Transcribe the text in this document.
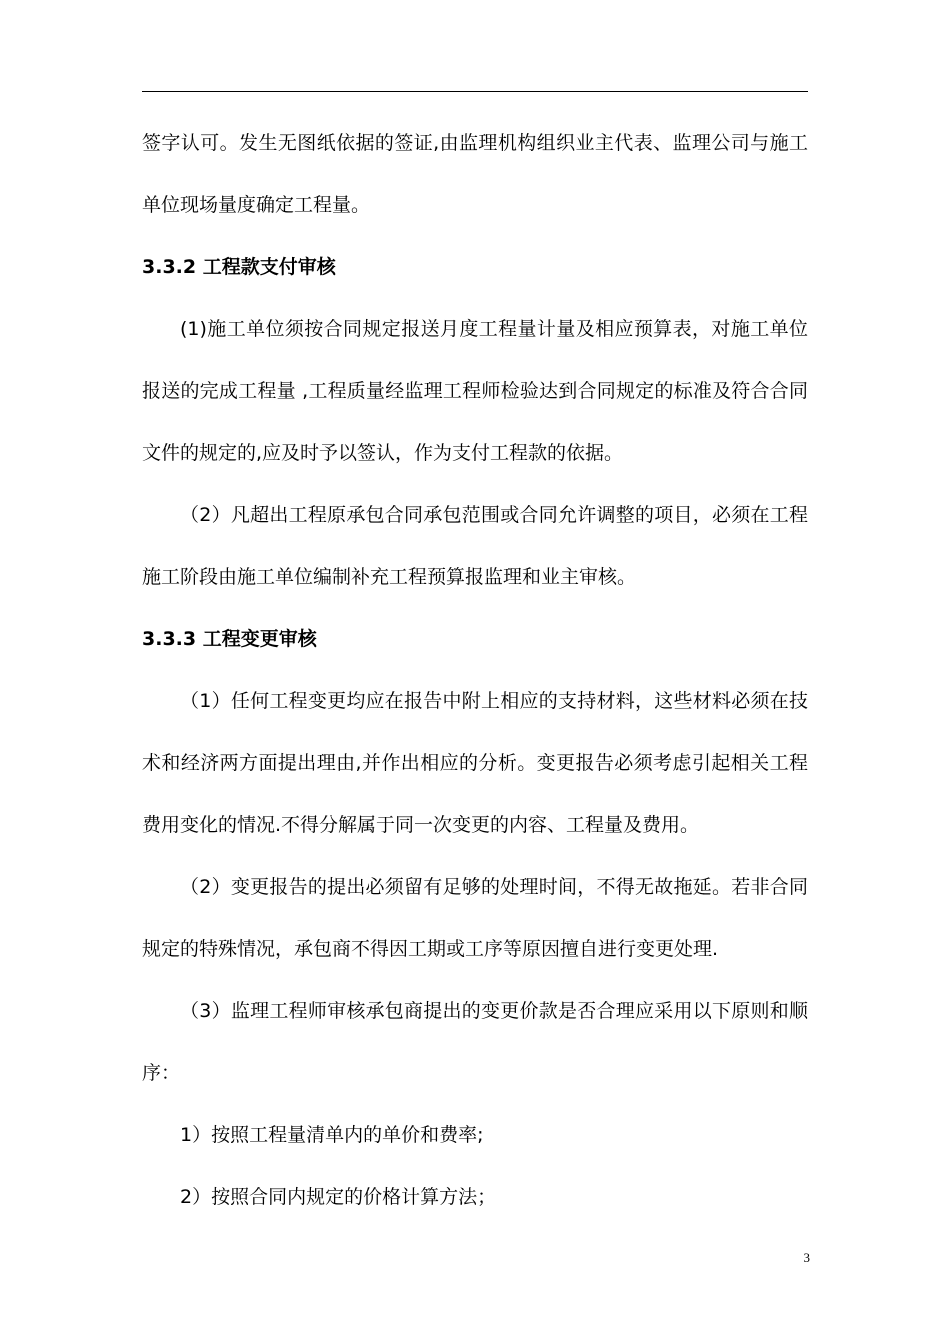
签字认可。发生无图纸依据的签证,由监理机构组织业主代表、监理公司与施工
单位现场量度确定工程量。
3.3.2 工程款支付审核
(1)施工单位须按合同规定报送月度工程量计量及相应预算表，对施工单位
报送的完成工程量 ,工程质量经监理工程师检验达到合同规定的标准及符合合同
文件的规定的,应及时予以签认，作为支付工程款的依据。
（2）凡超出工程原承包合同承包范围或合同允许调整的项目，必须在工程
施工阶段由施工单位编制补充工程预算报监理和业主审核。
3.3.3 工程变更审核
（1）任何工程变更均应在报告中附上相应的支持材料，这些材料必须在技
术和经济两方面提出理由,并作出相应的分析。变更报告必须考虑引起相关工程
费用变化的情况.不得分解属于同一次变更的内容、工程量及费用。
（2）变更报告的提出必须留有足够的处理时间，不得无故拖延。若非合同
规定的特殊情况，承包商不得因工期或工序等原因擅自进行变更处理.
（3）监理工程师审核承包商提出的变更价款是否合理应采用以下原则和顺
序：
1）按照工程量清单内的单价和费率;
2）按照合同内规定的价格计算方法；
3
